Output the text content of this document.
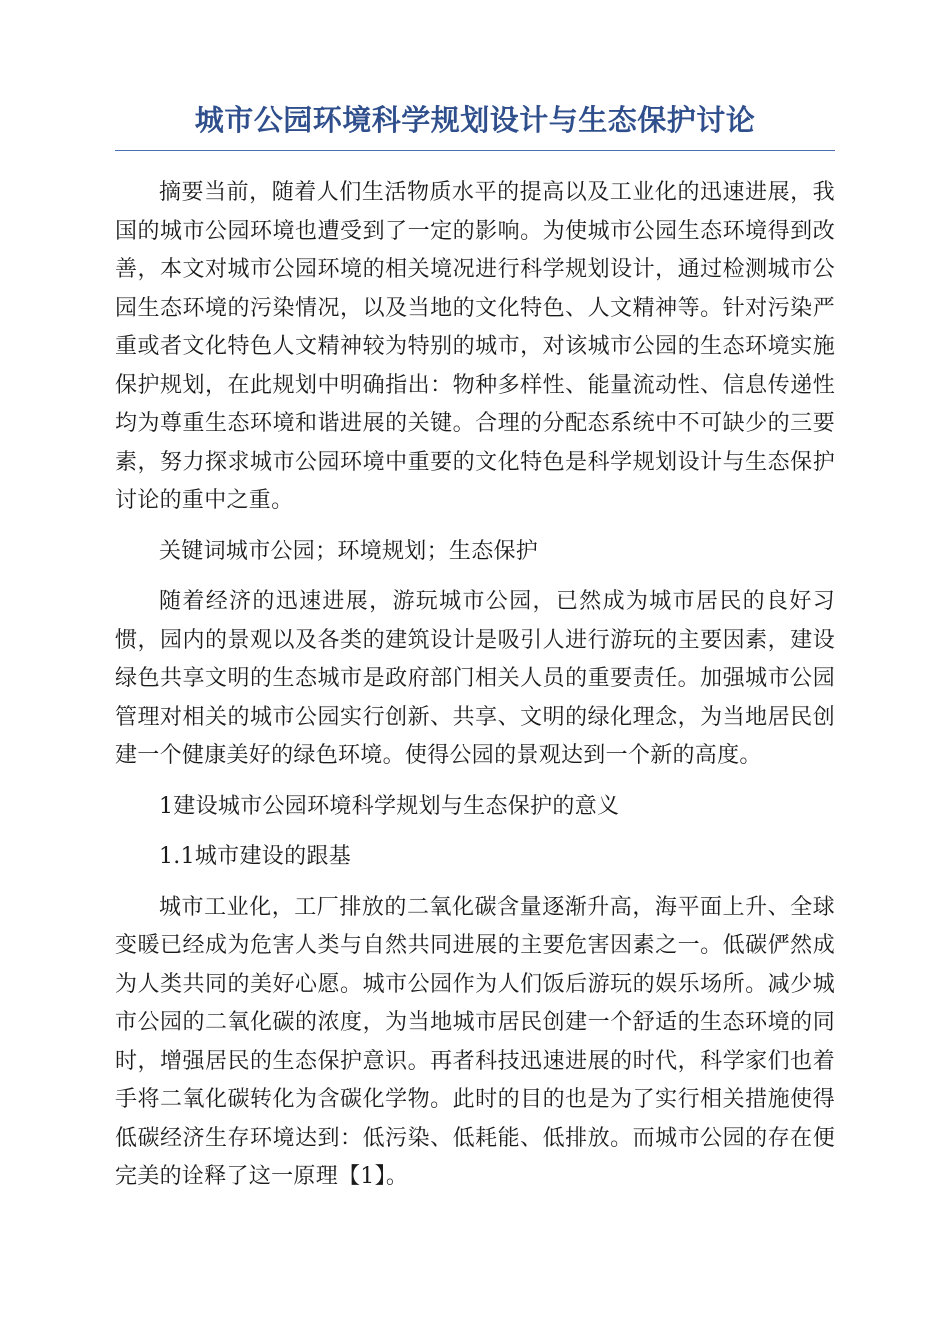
城市公园环境科学规划设计与生态保护讨论

摘要当前，随着人们生活物质水平的提高以及工业化的迅速进展，我国的城市公园环境也遭受到了一定的影响。为使城市公园生态环境得到改善，本文对城市公园环境的相关境况进行科学规划设计，通过检测城市公园生态环境的污染情况，以及当地的文化特色、人文精神等。针对污染严重或者文化特色人文精神较为特别的城市，对该城市公园的生态环境实施保护规划，在此规划中明确指出：物种多样性、能量流动性、信息传递性均为尊重生态环境和谐进展的关键。合理的分配态系统中不可缺少的三要素，努力探求城市公园环境中重要的文化特色是科学规划设计与生态保护讨论的重中之重。

关键词城市公园；环境规划；生态保护

随着经济的迅速进展，游玩城市公园，已然成为城市居民的良好习惯，园内的景观以及各类的建筑设计是吸引人进行游玩的主要因素，建设绿色共享文明的生态城市是政府部门相关人员的重要责任。加强城市公园管理对相关的城市公园实行创新、共享、文明的绿化理念，为当地居民创建一个健康美好的绿色环境。使得公园的景观达到一个新的高度。

1建设城市公园环境科学规划与生态保护的意义

1.1城市建设的跟基

城市工业化，工厂排放的二氧化碳含量逐渐升高，海平面上升、全球变暖已经成为危害人类与自然共同进展的主要危害因素之一。低碳俨然成为人类共同的美好心愿。城市公园作为人们饭后游玩的娱乐场所。减少城市公园的二氧化碳的浓度，为当地城市居民创建一个舒适的生态环境的同时，增强居民的生态保护意识。再者科技迅速进展的时代，科学家们也着手将二氧化碳转化为含碳化学物。此时的目的也是为了实行相关措施使得低碳经济生存环境达到：低污染、低耗能、低排放。而城市公园的存在便完美的诠释了这一原理【1】。
